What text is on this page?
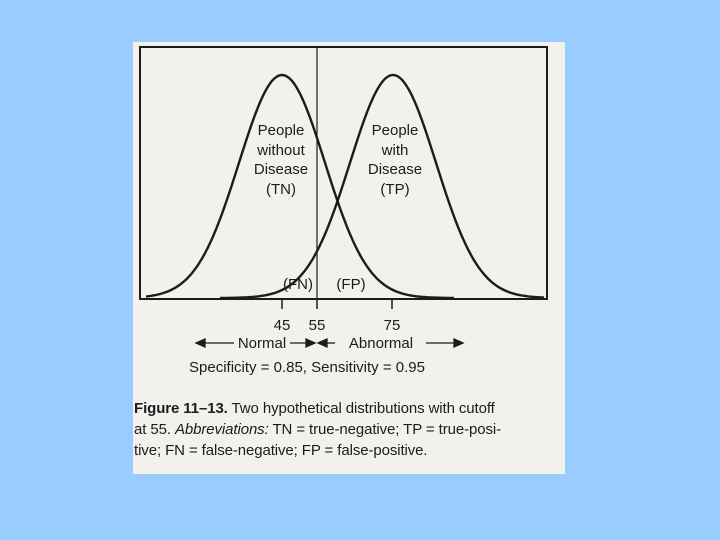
People
without
Disease
(TN)
People
with
Disease
(TP)
(FN) (FP)
45 55	75
Normal	Abnormal
Specificity = 0.85, Sensitivity = 0.95
Figure 11–13. Two hypothetical distributions with cutoff
at 55. Abbreviations: TN = true-negative; TP = true-posi-
tive; FN = false-negative; FP = false-positive.
